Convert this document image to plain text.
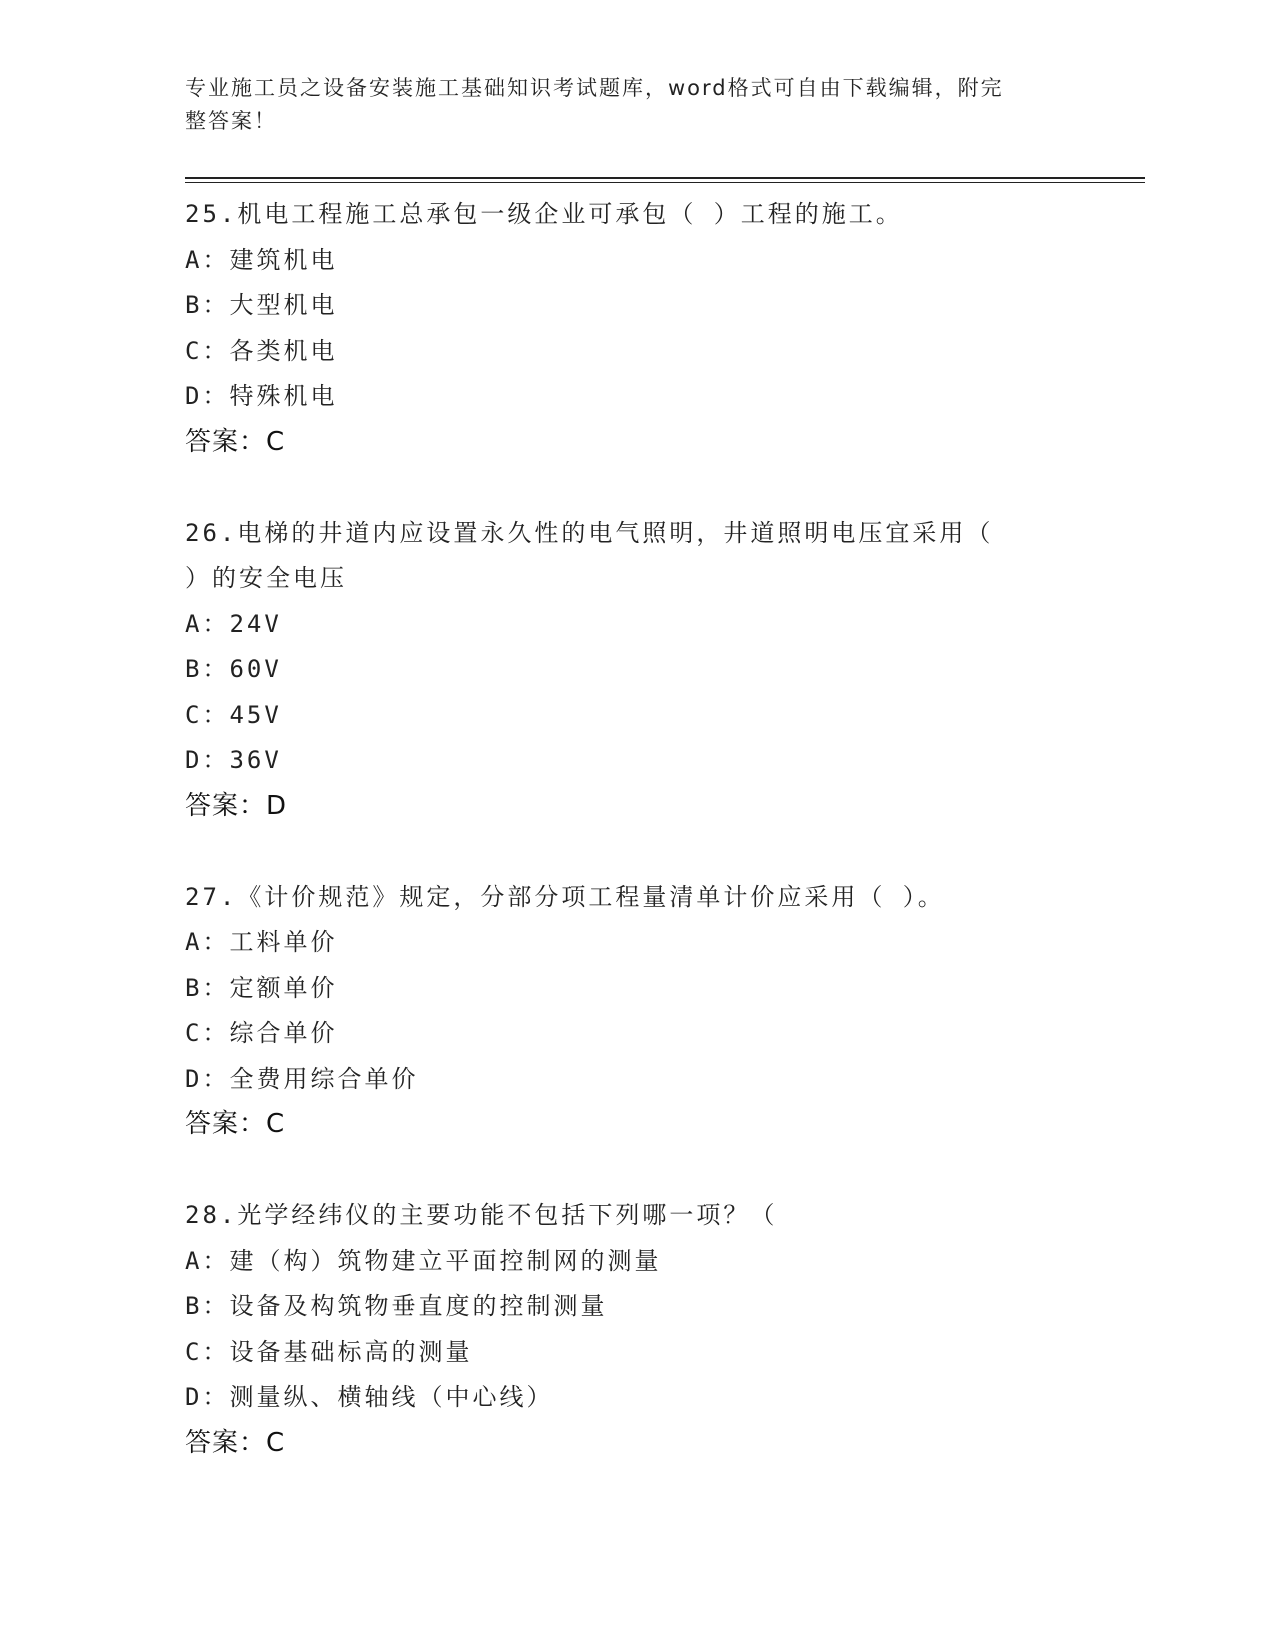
专业施工员之设备安装施工基础知识考试题库，word格式可自由下载编辑，附完
整答案！
25.机电工程施工总承包一级企业可承包（ ）工程的施工。
A：建筑机电
B：大型机电
C：各类机电
D：特殊机电
答案：C
26.电梯的井道内应设置永久性的电气照明，井道照明电压宜采用（
）的安全电压
A：24V
B：60V
C：45V
D：36V
答案：D
27.《计价规范》规定，分部分项工程量清单计价应采用（ ）。
A：工料单价
B：定额单价
C：综合单价
D：全费用综合单价
答案：C
28.光学经纬仪的主要功能不包括下列哪一项？（
A：建（构）筑物建立平面控制网的测量
B：设备及构筑物垂直度的控制测量
C：设备基础标高的测量
D：测量纵、横轴线（中心线）
答案：C
